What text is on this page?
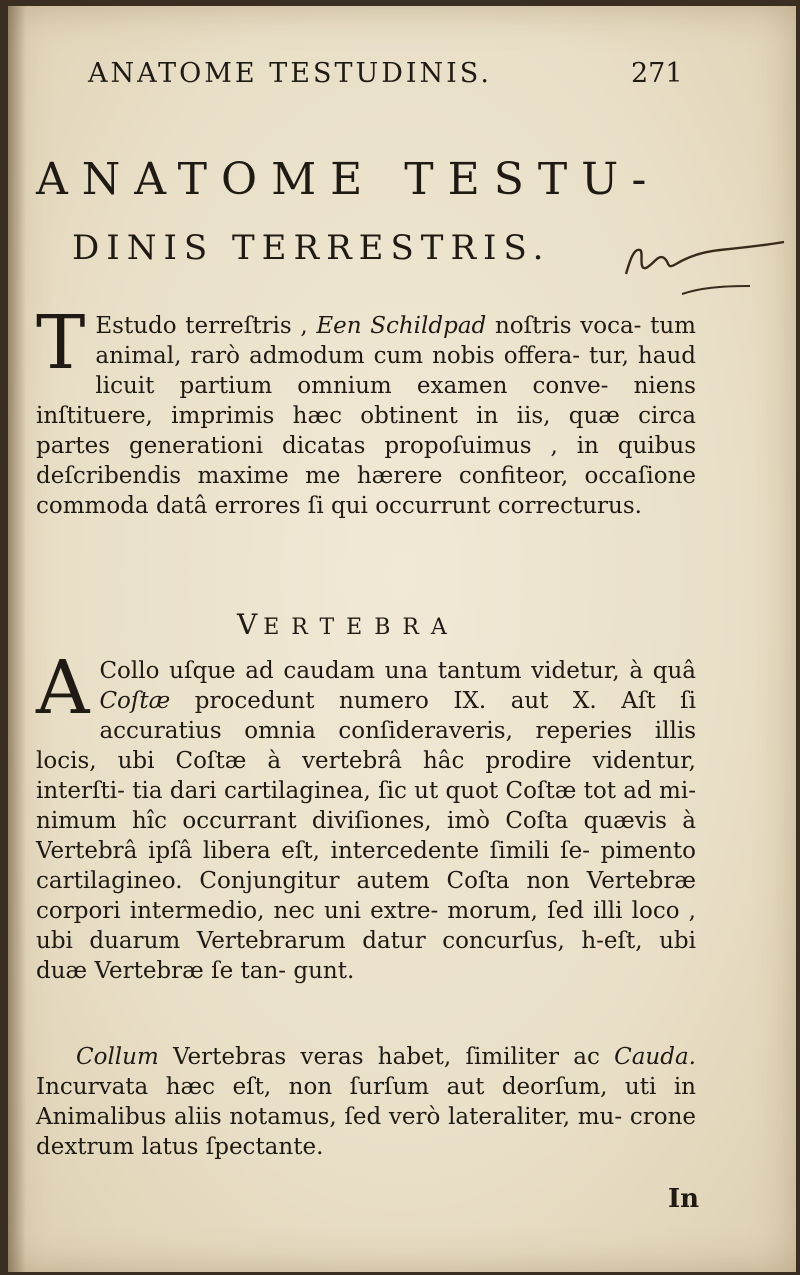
ANATOME TESTUDINIS.	271
ANATOME TESTU-
DINIS TERRESTRIS.
T Estudo terreſtris , Een Schildpad noſtris voca- tum animal, rarò admodum cum nobis offera- tur, haud licuit partium omnium examen conve- niens inſtituere, imprimis hæc obtinent in iis, quæ circa partes generationi dicatas propoſuimus , in quibus deſcribendis maxime me hærere confiteor, occaſione commoda datâ errores ſi qui occurrunt correcturus.
VERTEBRA
A Collo uſque ad caudam una tantum videtur, à quâ Coſtæ procedunt numero IX. aut X. Aſt ſi accuratius omnia conſideraveris, reperies illis locis, ubi Coſtæ à vertebrâ hâc prodire videntur, interſti- tia dari cartilaginea, ſic ut quot Coſtæ tot ad mi- nimum hîc occurrant diviſiones, imò Coſta quævis à Vertebrâ ipſâ libera eſt, intercedente ſimili ſe- pimento cartilagineo. Conjungitur autem Coſta non Vertebræ corpori intermedio, nec uni extre- morum, ſed illi loco , ubi duarum Vertebrarum datur concurſus, h-eſt, ubi duæ Vertebræ ſe tan- gunt.
Collum Vertebras veras habet, ſimiliter ac Cauda. Incurvata hæc eſt, non ſurſum aut deorſum, uti in Animalibus aliis notamus, ſed verò lateraliter, mu- crone dextrum latus ſpectante.
In
